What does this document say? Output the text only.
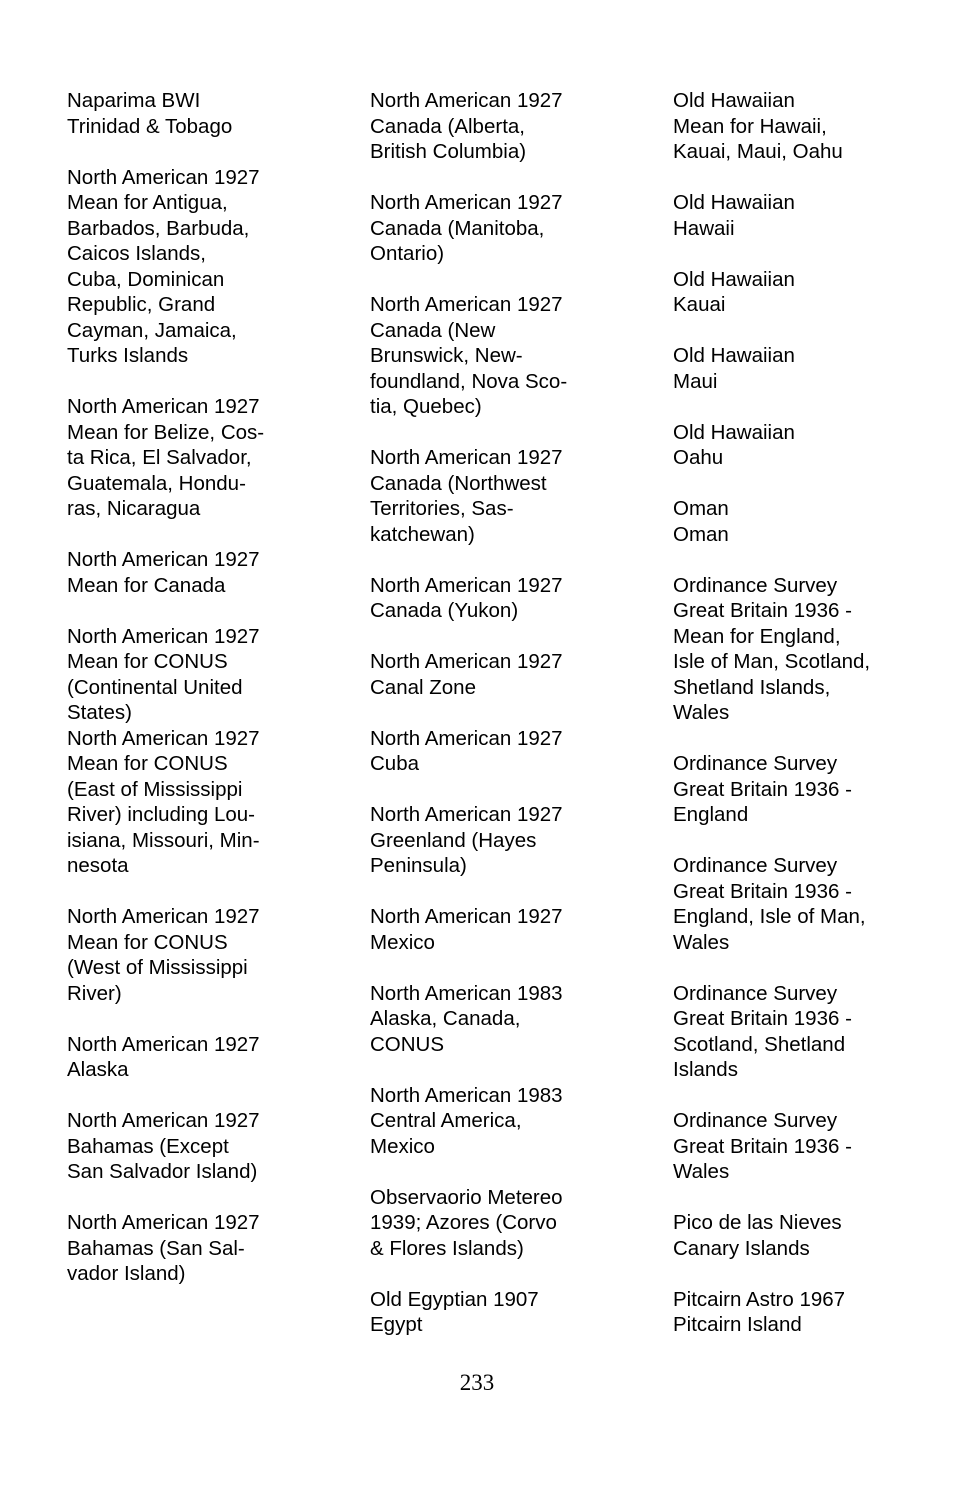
Naparima BWI
Trinidad & Tobago
North American 1927
Mean for Antigua,
Barbados, Barbuda,
Caicos Islands,
Cuba, Dominican
Republic, Grand
Cayman, Jamaica,
Turks Islands
North American 1927
Mean for Belize, Cos-
ta Rica, El Salvador,
Guatemala, Hondu-
ras, Nicaragua
North American 1927
Mean for Canada
North American 1927
Mean for CONUS
(Continental United
States)
North American 1927
Mean for CONUS
(East of Mississippi
River) including Lou-
isiana, Missouri, Min-
nesota
North American 1927
Mean for CONUS
(West of Mississippi
River)
North American 1927
Alaska
North American 1927
Bahamas (Except
San Salvador Island)
North American 1927
Bahamas (San Sal-
vador Island)
North American 1927
Canada (Alberta,
British Columbia)
North American 1927
Canada (Manitoba,
Ontario)
North American 1927
Canada (New
Brunswick, New-
foundland, Nova Sco-
tia, Quebec)
North American 1927
Canada (Northwest
Territories, Sas-
katchewan)
North American 1927
Canada (Yukon)
North American 1927
Canal Zone
North American 1927
Cuba
North American 1927
Greenland (Hayes
Peninsula)
North American 1927
Mexico
North American 1983
Alaska, Canada,
CONUS
North American 1983
Central America,
Mexico
Observaorio Metereo
1939; Azores (Corvo
& Flores Islands)
Old Egyptian 1907
Egypt
Old Hawaiian
Mean for Hawaii,
Kauai, Maui, Oahu
Old Hawaiian
Hawaii
Old Hawaiian
Kauai
Old Hawaiian
Maui
Old Hawaiian
Oahu
Oman
Oman
Ordinance Survey
Great Britain 1936 -
Mean for England,
Isle of Man, Scotland,
Shetland Islands,
Wales
Ordinance Survey
Great Britain 1936 -
England
Ordinance Survey
Great Britain 1936 -
England, Isle of Man,
Wales
Ordinance Survey
Great Britain 1936 -
Scotland, Shetland
Islands
Ordinance Survey
Great Britain 1936 -
Wales
Pico de las Nieves
Canary Islands
Pitcairn Astro 1967
Pitcairn Island
233
